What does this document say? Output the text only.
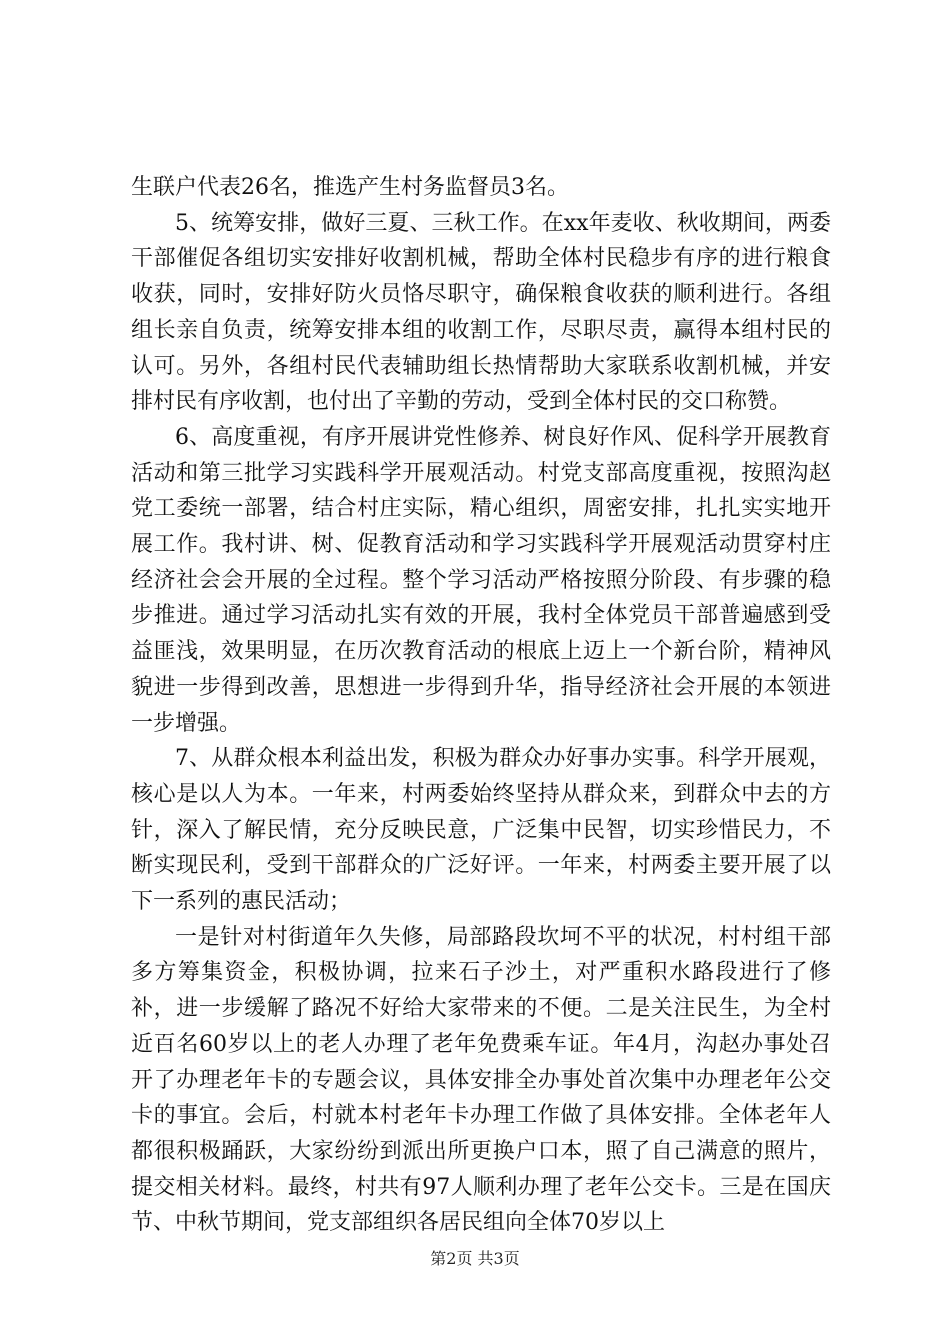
生联户代表26名，推选产生村务监督员3名。

5、统筹安排，做好三夏、三秋工作。在xx年麦收、秋收期间，两委干部催促各组切实安排好收割机械，帮助全体村民稳步有序的进行粮食收获，同时，安排好防火员恪尽职守，确保粮食收获的顺利进行。各组组长亲自负责，统筹安排本组的收割工作，尽职尽责，赢得本组村民的认可。另外，各组村民代表辅助组长热情帮助大家联系收割机械，并安排村民有序收割，也付出了辛勤的劳动，受到全体村民的交口称赞。

6、高度重视，有序开展讲党性修养、树良好作风、促科学开展教育活动和第三批学习实践科学开展观活动。村党支部高度重视，按照沟赵党工委统一部署，结合村庄实际，精心组织，周密安排，扎扎实实地开展工作。我村讲、树、促教育活动和学习实践科学开展观活动贯穿村庄经济社会会开展的全过程。整个学习活动严格按照分阶段、有步骤的稳步推进。通过学习活动扎实有效的开展，我村全体党员干部普遍感到受益匪浅，效果明显，在历次教育活动的根底上迈上一个新台阶，精神风貌进一步得到改善，思想进一步得到升华，指导经济社会开展的本领进一步增强。

7、从群众根本利益出发，积极为群众办好事办实事。科学开展观，核心是以人为本。一年来，村两委始终坚持从群众来，到群众中去的方针，深入了解民情，充分反映民意，广泛集中民智，切实珍惜民力，不断实现民利，受到干部群众的广泛好评。一年来，村两委主要开展了以下一系列的惠民活动；

一是针对村街道年久失修，局部路段坎坷不平的状况，村村组干部多方筹集资金，积极协调，拉来石子沙土，对严重积水路段进行了修补，进一步缓解了路况不好给大家带来的不便。二是关注民生，为全村近百名60岁以上的老人办理了老年免费乘车证。年4月，沟赵办事处召开了办理老年卡的专题会议，具体安排全办事处首次集中办理老年公交卡的事宜。会后，村就本村老年卡办理工作做了具体安排。全体老年人都很积极踊跃，大家纷纷到派出所更换户口本，照了自己满意的照片，提交相关材料。最终，村共有97人顺利办理了老年公交卡。三是在国庆节、中秋节期间，党支部组织各居民组向全体70岁以上

第2页 共3页
